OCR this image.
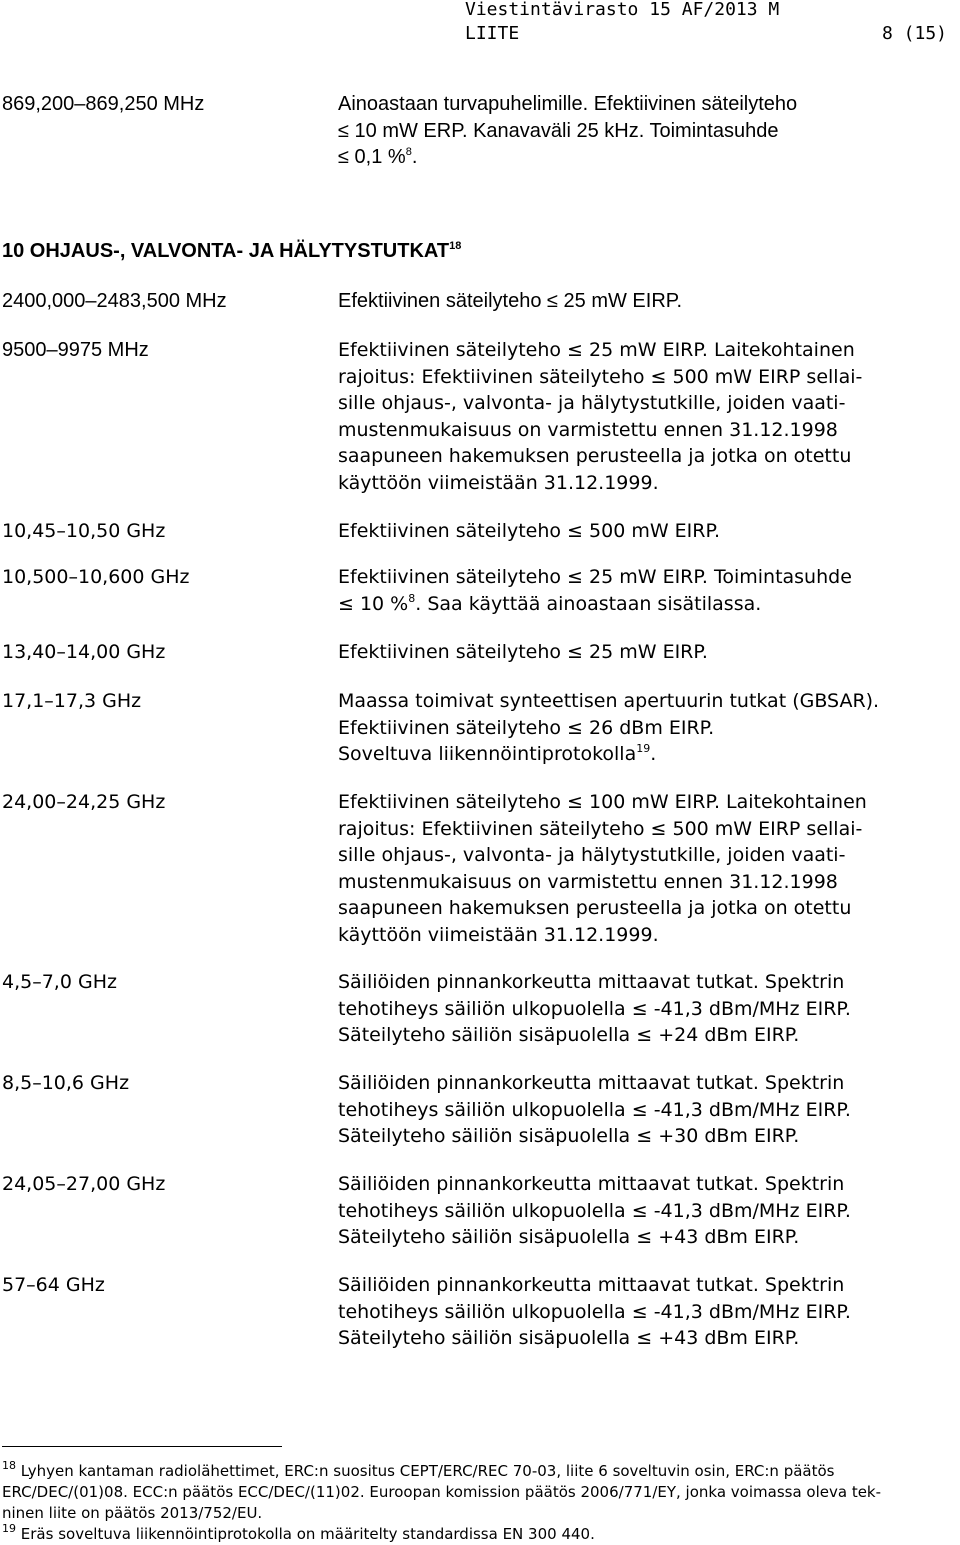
Viestintävirasto 15 AF/2013 M
LIITE	8 (15)
869,200–869,250 MHz	Ainoastaan turvapuhelimille. Efektiivinen säteilyteho
≤ 10 mW ERP. Kanavaväli 25 kHz. Toimintasuhde
≤ 0,1 %$^8$.
10 OHJAUS-, VALVONTA- JA HÄLYTYSTUTKAT$^{18}$
2400,000–2483,500 MHz	Efektiivinen säteilyteho ≤ 25 mW EIRP.
9500–9975 MHz	Efektiivinen säteilyteho ≤ 25 mW EIRP. Laitekohtainen
rajoitus: Efektiivinen säteilyteho ≤ 500 mW EIRP sellai-
sille ohjaus-, valvonta- ja hälytystutkille, joiden vaati-
mustenmukaisuus on varmistettu ennen 31.12.1998
saapuneen hakemuksen perusteella ja jotka on otettu
käyttöön viimeistään 31.12.1999.
10,45–10,50 GHz	Efektiivinen säteilyteho ≤ 500 mW EIRP.
10,500–10,600 GHz	Efektiivinen säteilyteho ≤ 25 mW EIRP. Toimintasuhde
≤ 10 %$^8$. Saa käyttää ainoastaan sisätilassa.
13,40–14,00 GHz	Efektiivinen säteilyteho ≤ 25 mW EIRP.
17,1–17,3 GHz	Maassa toimivat synteettisen apertuurin tutkat (GBSAR).
Efektiivinen säteilyteho ≤ 26 dBm EIRP.
Soveltuva liikennöintiprotokolla$^{19}$.
24,00–24,25 GHz	Efektiivinen säteilyteho ≤ 100 mW EIRP. Laitekohtainen
rajoitus: Efektiivinen säteilyteho ≤ 500 mW EIRP sellai-
sille ohjaus-, valvonta- ja hälytystutkille, joiden vaati-
mustenmukaisuus on varmistettu ennen 31.12.1998
saapuneen hakemuksen perusteella ja jotka on otettu
käyttöön viimeistään 31.12.1999.
4,5–7,0 GHz	Säiliöiden pinnankorkeutta mittaavat tutkat. Spektrin
tehotiheys säiliön ulkopuolella ≤ -41,3 dBm/MHz EIRP.
Säteilyteho säiliön sisäpuolella ≤ +24 dBm EIRP.
8,5–10,6 GHz	Säiliöiden pinnankorkeutta mittaavat tutkat. Spektrin
tehotiheys säiliön ulkopuolella ≤ -41,3 dBm/MHz EIRP.
Säteilyteho säiliön sisäpuolella ≤ +30 dBm EIRP.
24,05–27,00 GHz	Säiliöiden pinnankorkeutta mittaavat tutkat. Spektrin
tehotiheys säiliön ulkopuolella ≤ -41,3 dBm/MHz EIRP.
Säteilyteho säiliön sisäpuolella ≤ +43 dBm EIRP.
57–64 GHz	Säiliöiden pinnankorkeutta mittaavat tutkat. Spektrin
tehotiheys säiliön ulkopuolella ≤ -41,3 dBm/MHz EIRP.
Säteilyteho säiliön sisäpuolella ≤ +43 dBm EIRP.
$^{18}$ Lyhyen kantaman radiolähettimet, ERC:n suositus CEPT/ERC/REC 70-03, liite 6 soveltuvin osin, ERC:n päätös
ERC/DEC/(01)08. ECC:n päätös ECC/DEC/(11)02. Euroopan komission päätös 2006/771/EY, jonka voimassa oleva tek-
ninen liite on päätös 2013/752/EU.
$^{19}$ Eräs soveltuva liikennöintiprotokolla on määritelty standardissa EN 300 440.
